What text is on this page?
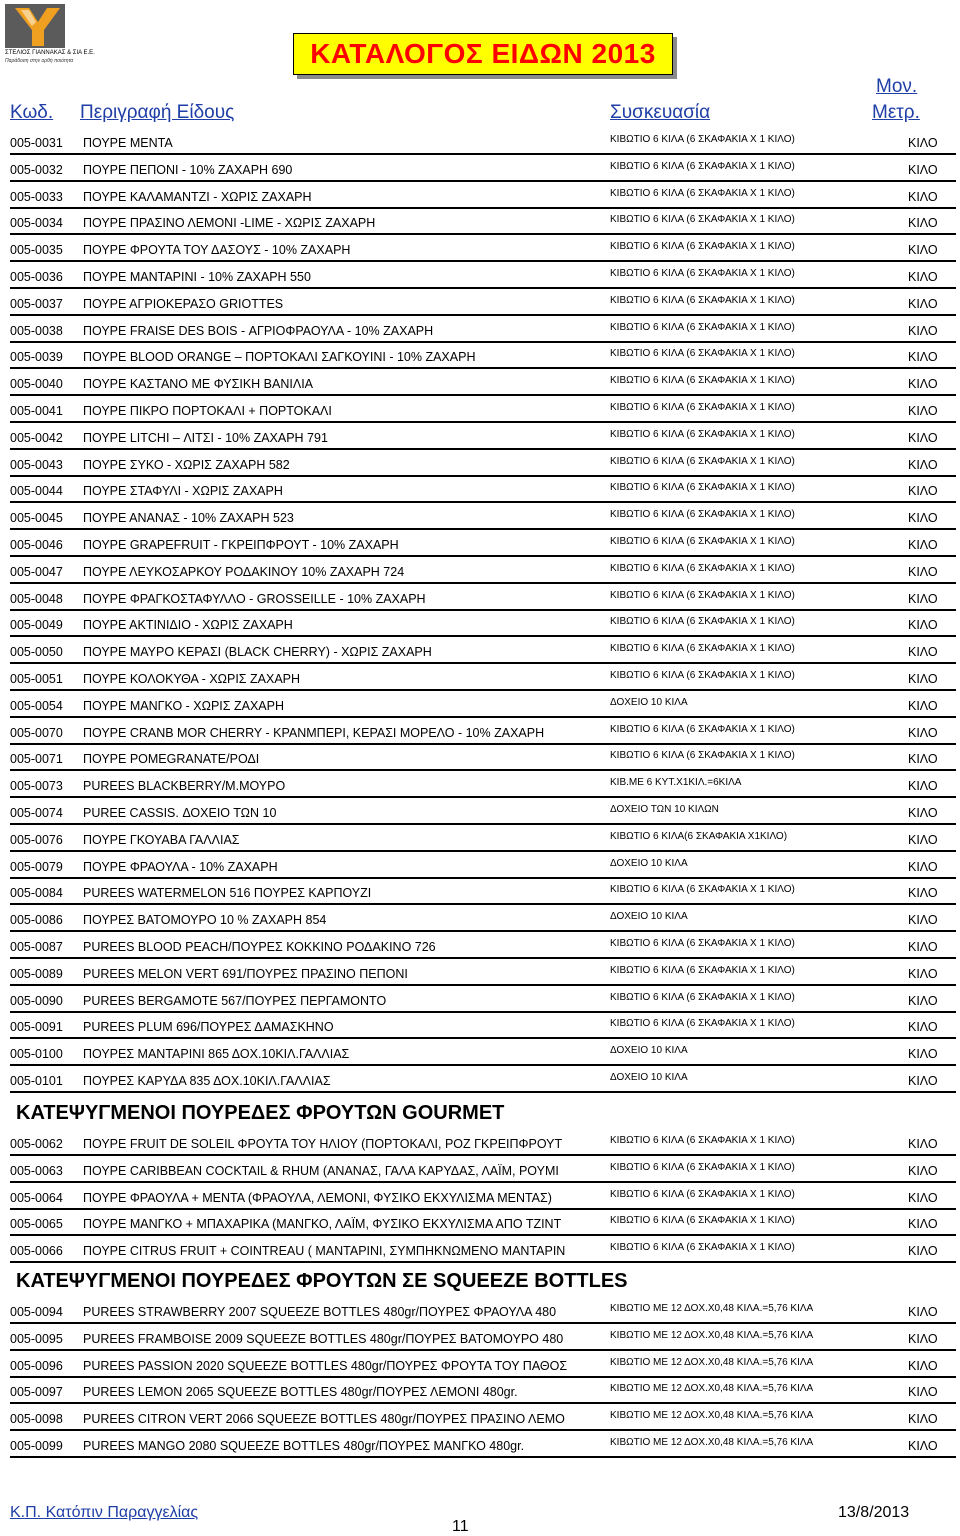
ΣΤΕΛΙΟΣ ΓΙΑΝΝΑΚΑΣ & ΣΙΑ Ε.Ε.
Παράδοση στην ορθή ποιότητα	ΚΑΤΑΛΟΓΟΣ ΕΙΔΩΝ 2013
Κωδ. Περιγραφή Είδους	Συσκευασία
Μον.
Μετρ.
005-0031 ΠΟΥΡΕ ΜΕΝΤΑ	ΚΙΒΩΤΙΟ 6 ΚΙΛΑ (6 ΣΚΑΦΑΚΙΑ Χ 1 ΚΙΛΟ)	ΚΙΛΟ
005-0032 ΠΟΥΡΕ ΠΕΠΟΝΙ - 10% ΖΑΧΑΡΗ 690	ΚΙΒΩΤΙΟ 6 ΚΙΛΑ (6 ΣΚΑΦΑΚΙΑ Χ 1 ΚΙΛΟ)	ΚΙΛΟ
005-0033 ΠΟΥΡΕ ΚΑΛΑΜΑΝΤΖΙ - ΧΩΡΙΣ ΖΑΧΑΡΗ	ΚΙΒΩΤΙΟ 6 ΚΙΛΑ (6 ΣΚΑΦΑΚΙΑ Χ 1 ΚΙΛΟ)	ΚΙΛΟ
005-0034 ΠΟΥΡΕ ΠΡΑΣΙΝΟ ΛΕΜΟΝΙ -LIME - ΧΩΡΙΣ ΖΑΧΑΡΗ	ΚΙΒΩΤΙΟ 6 ΚΙΛΑ (6 ΣΚΑΦΑΚΙΑ Χ 1 ΚΙΛΟ)	ΚΙΛΟ
005-0035 ΠΟΥΡΕ ΦΡΟΥΤΑ ΤΟΥ ΔΑΣΟΥΣ - 10% ΖΑΧΑΡΗ	ΚΙΒΩΤΙΟ 6 ΚΙΛΑ (6 ΣΚΑΦΑΚΙΑ Χ 1 ΚΙΛΟ)	ΚΙΛΟ
005-0036 ΠΟΥΡΕ ΜΑΝΤΑΡΙΝΙ - 10% ΖΑΧΑΡΗ 550	ΚΙΒΩΤΙΟ 6 ΚΙΛΑ (6 ΣΚΑΦΑΚΙΑ Χ 1 ΚΙΛΟ)	ΚΙΛΟ
005-0037 ΠΟΥΡΕ ΑΓΡΙΟΚΕΡΑΣΟ GRIOTTES	ΚΙΒΩΤΙΟ 6 ΚΙΛΑ (6 ΣΚΑΦΑΚΙΑ Χ 1 ΚΙΛΟ)	ΚΙΛΟ
005-0038 ΠΟΥΡΕ FRAISE DES BOIS - ΑΓΡΙΟΦΡΑΟΥΛΑ - 10% ΖΑΧΑΡΗ	ΚΙΒΩΤΙΟ 6 ΚΙΛΑ (6 ΣΚΑΦΑΚΙΑ Χ 1 ΚΙΛΟ)	ΚΙΛΟ
005-0039 ΠΟΥΡΕ BLOOD ORANGE – ΠΟΡΤΟΚΑΛΙ ΣΑΓΚΟΥΙΝΙ - 10% ΖΑΧΑΡΗ	ΚΙΒΩΤΙΟ 6 ΚΙΛΑ (6 ΣΚΑΦΑΚΙΑ Χ 1 ΚΙΛΟ)	ΚΙΛΟ
005-0040 ΠΟΥΡΕ ΚΑΣΤΑΝΟ ΜΕ ΦΥΣΙΚΗ ΒΑΝΙΛΙΑ	ΚΙΒΩΤΙΟ 6 ΚΙΛΑ (6 ΣΚΑΦΑΚΙΑ Χ 1 ΚΙΛΟ)	ΚΙΛΟ
005-0041 ΠΟΥΡΕ ΠΙΚΡΟ ΠΟΡΤΟΚΑΛΙ + ΠΟΡΤΟΚΑΛΙ	ΚΙΒΩΤΙΟ 6 ΚΙΛΑ (6 ΣΚΑΦΑΚΙΑ Χ 1 ΚΙΛΟ)	ΚΙΛΟ
005-0042 ΠΟΥΡΕ LITCHI – ΛΙΤΣΙ - 10% ΖΑΧΑΡΗ 791	ΚΙΒΩΤΙΟ 6 ΚΙΛΑ (6 ΣΚΑΦΑΚΙΑ Χ 1 ΚΙΛΟ)	ΚΙΛΟ
005-0043 ΠΟΥΡΕ ΣΥΚΟ - ΧΩΡΙΣ ΖΑΧΑΡΗ 582	ΚΙΒΩΤΙΟ 6 ΚΙΛΑ (6 ΣΚΑΦΑΚΙΑ Χ 1 ΚΙΛΟ)	ΚΙΛΟ
005-0044 ΠΟΥΡΕ ΣΤΑΦΥΛΙ - ΧΩΡΙΣ ΖΑΧΑΡΗ	ΚΙΒΩΤΙΟ 6 ΚΙΛΑ (6 ΣΚΑΦΑΚΙΑ Χ 1 ΚΙΛΟ)	ΚΙΛΟ
005-0045 ΠΟΥΡΕ ΑΝΑΝΑΣ - 10% ΖΑΧΑΡΗ 523	ΚΙΒΩΤΙΟ 6 ΚΙΛΑ (6 ΣΚΑΦΑΚΙΑ Χ 1 ΚΙΛΟ)	ΚΙΛΟ
005-0046 ΠΟΥΡΕ GRAPEFRUIT - ΓΚΡΕΙΠΦΡΟΥΤ - 10% ΖΑΧΑΡΗ	ΚΙΒΩΤΙΟ 6 ΚΙΛΑ (6 ΣΚΑΦΑΚΙΑ Χ 1 ΚΙΛΟ)	ΚΙΛΟ
005-0047 ΠΟΥΡΕ ΛΕΥΚΟΣΑΡΚΟΥ ΡΟΔΑΚΙΝΟΥ 10% ΖΑΧΑΡΗ 724	ΚΙΒΩΤΙΟ 6 ΚΙΛΑ (6 ΣΚΑΦΑΚΙΑ Χ 1 ΚΙΛΟ)	ΚΙΛΟ
005-0048 ΠΟΥΡΕ ΦΡΑΓΚΟΣΤΑΦΥΛΛΟ - GROSSEILLE - 10% ΖΑΧΑΡΗ	ΚΙΒΩΤΙΟ 6 ΚΙΛΑ (6 ΣΚΑΦΑΚΙΑ Χ 1 ΚΙΛΟ)	ΚΙΛΟ
005-0049 ΠΟΥΡΕ ΑΚΤΙΝΙΔΙΟ - ΧΩΡΙΣ ΖΑΧΑΡΗ	ΚΙΒΩΤΙΟ 6 ΚΙΛΑ (6 ΣΚΑΦΑΚΙΑ Χ 1 ΚΙΛΟ)	ΚΙΛΟ
005-0050 ΠΟΥΡΕ ΜΑΥΡΟ ΚΕΡΑΣΙ (BLACK CHERRY) - ΧΩΡΙΣ ΖΑΧΑΡΗ	ΚΙΒΩΤΙΟ 6 ΚΙΛΑ (6 ΣΚΑΦΑΚΙΑ Χ 1 ΚΙΛΟ)	ΚΙΛΟ
005-0051 ΠΟΥΡΕ ΚΟΛΟΚΥΘΑ - ΧΩΡΙΣ ΖΑΧΑΡΗ	ΚΙΒΩΤΙΟ 6 ΚΙΛΑ (6 ΣΚΑΦΑΚΙΑ Χ 1 ΚΙΛΟ)	ΚΙΛΟ
005-0054 ΠΟΥΡΕ ΜΑΝΓΚΟ - ΧΩΡΙΣ ΖΑΧΑΡΗ	ΔΟΧΕΙΟ 10 ΚΙΛΑ	ΚΙΛΟ
005-0070 ΠΟΥΡΕ CRANB MOR CHERRY - ΚΡΑΝΜΠΕΡΙ, ΚΕΡΑΣΙ ΜΟΡΕΛΟ - 10% ΖΑΧΑΡΗ	ΚΙΒΩΤΙΟ 6 ΚΙΛΑ (6 ΣΚΑΦΑΚΙΑ Χ 1 ΚΙΛΟ)	ΚΙΛΟ
005-0071 ΠΟΥΡΕ POMEGRANATE/ΡΟΔΙ	ΚΙΒΩΤΙΟ 6 ΚΙΛΑ (6 ΣΚΑΦΑΚΙΑ Χ 1 ΚΙΛΟ)	ΚΙΛΟ
005-0073 PUREES BLACKBERRY/Μ.ΜΟΥΡΟ	ΚΙΒ.ΜΕ 6 ΚΥΤ.Χ1ΚΙΛ.=6ΚΙΛΑ	ΚΙΛΟ
005-0074 PUREE CASSIS. ΔΟΧΕΙΟ ΤΩΝ 10	ΔΟΧΕΙΟ ΤΩΝ 10 ΚΙΛΩΝ	ΚΙΛΟ
005-0076 ΠΟΥΡΕ ΓΚΟΥΑΒΑ ΓΑΛΛΙΑΣ	ΚΙΒΩΤΙΟ 6 ΚΙΛΑ(6 ΣΚΑΦΑΚΙΑ Χ1ΚΙΛΟ)	ΚΙΛΟ
005-0079 ΠΟΥΡΕ ΦΡΑΟΥΛΑ - 10% ΖΑΧΑΡΗ	ΔΟΧΕΙΟ 10 ΚΙΛΑ	ΚΙΛΟ
005-0084 PUREES WATERMELON 516 ΠΟΥΡΕΣ ΚΑΡΠΟΥΖΙ	ΚΙΒΩΤΙΟ 6 ΚΙΛΑ (6 ΣΚΑΦΑΚΙΑ Χ 1 ΚΙΛΟ)	ΚΙΛΟ
005-0086 ΠΟΥΡΕΣ ΒΑΤΟΜΟΥΡΟ 10 % ΖΑΧΑΡΗ 854	ΔΟΧΕΙΟ 10 ΚΙΛΑ	ΚΙΛΟ
005-0087 PUREES BLOOD PEACH/ΠΟΥΡΕΣ ΚΟΚΚΙΝΟ ΡΟΔΑΚΙΝΟ 726	ΚΙΒΩΤΙΟ 6 ΚΙΛΑ (6 ΣΚΑΦΑΚΙΑ Χ 1 ΚΙΛΟ)	ΚΙΛΟ
005-0089 PUREES MELON VERT 691/ΠΟΥΡΕΣ ΠΡΑΣΙΝΟ ΠΕΠΟΝΙ	ΚΙΒΩΤΙΟ 6 ΚΙΛΑ (6 ΣΚΑΦΑΚΙΑ Χ 1 ΚΙΛΟ)	ΚΙΛΟ
005-0090 PUREES BERGAMOTE 567/ΠΟΥΡΕΣ ΠΕΡΓΑΜΟΝΤΟ	ΚΙΒΩΤΙΟ 6 ΚΙΛΑ (6 ΣΚΑΦΑΚΙΑ Χ 1 ΚΙΛΟ)	ΚΙΛΟ
005-0091 PUREES PLUM 696/ΠΟΥΡΕΣ ΔΑΜΑΣΚΗΝΟ	ΚΙΒΩΤΙΟ 6 ΚΙΛΑ (6 ΣΚΑΦΑΚΙΑ Χ 1 ΚΙΛΟ)	ΚΙΛΟ
005-0100 ΠΟΥΡΕΣ ΜΑΝΤΑΡΙΝΙ 865 ΔΟΧ.10ΚΙΛ.ΓΑΛΛΙΑΣ	ΔΟΧΕΙΟ 10 ΚΙΛΑ	ΚΙΛΟ
005-0101 ΠΟΥΡΕΣ ΚΑΡΥΔΑ 835 ΔΟΧ.10ΚΙΛ.ΓΑΛΛΙΑΣ	ΔΟΧΕΙΟ 10 ΚΙΛΑ	ΚΙΛΟ
ΚΑΤΕΨΥΓΜΕΝΟΙ ΠΟΥΡΕΔΕΣ ΦΡΟΥΤΩΝ GOURMET
005-0062 ΠΟΥΡΕ FRUIT DE SOLEIL ΦΡΟΥΤΑ ΤΟΥ ΗΛΙΟΥ (ΠΟΡΤΟΚΑΛΙ, ΡΟΖ ΓΚΡΕΙΠΦΡΟΥΤ	ΚΙΒΩΤΙΟ 6 ΚΙΛΑ (6 ΣΚΑΦΑΚΙΑ Χ 1 ΚΙΛΟ)	ΚΙΛΟ
005-0063 ΠΟΥΡΕ CARIBBEAN COCKTAIL & RHUM (ΑΝΑΝΑΣ, ΓΑΛΑ ΚΑΡΥΔΑΣ, ΛΑΪΜ, ΡΟΥΜΙ	ΚΙΒΩΤΙΟ 6 ΚΙΛΑ (6 ΣΚΑΦΑΚΙΑ Χ 1 ΚΙΛΟ)	ΚΙΛΟ
005-0064 ΠΟΥΡΕ ΦΡΑΟΥΛΑ + ΜΕΝΤΑ (ΦΡΑΟΥΛΑ, ΛΕΜΟΝΙ, ΦΥΣΙΚΟ ΕΚΧΥΛΙΣΜΑ ΜΕΝΤΑΣ)	ΚΙΒΩΤΙΟ 6 ΚΙΛΑ (6 ΣΚΑΦΑΚΙΑ Χ 1 ΚΙΛΟ)	ΚΙΛΟ
005-0065 ΠΟΥΡΕ ΜΑΝΓΚΟ + ΜΠΑΧΑΡΙΚΑ (ΜΑΝΓΚΟ, ΛΑΪΜ, ΦΥΣΙΚΟ ΕΚΧΥΛΙΣΜΑ ΑΠΟ ΤΖΙΝΤ	ΚΙΒΩΤΙΟ 6 ΚΙΛΑ (6 ΣΚΑΦΑΚΙΑ Χ 1 ΚΙΛΟ)	ΚΙΛΟ
005-0066 ΠΟΥΡΕ CITRUS FRUIT + COINTREAU ( ΜΑΝΤΑΡΙΝΙ, ΣΥΜΠΗΚΝΩΜΕΝΟ ΜΑΝΤΑΡΙΝ	ΚΙΒΩΤΙΟ 6 ΚΙΛΑ (6 ΣΚΑΦΑΚΙΑ Χ 1 ΚΙΛΟ)	ΚΙΛΟ
ΚΑΤΕΨΥΓΜΕΝΟΙ ΠΟΥΡΕΔΕΣ ΦΡΟΥΤΩΝ ΣΕ SQUEEZE BOTTLES
005-0094 PUREES STRAWBERRY 2007 SQUEEZE BOTTLES 480gr/ΠΟΥΡΕΣ ΦΡΑΟΥΛΑ 480	ΚΙΒΩΤΙΟ ΜΕ 12 ΔΟΧ.Χ0,48 ΚΙΛΑ.=5,76 ΚΙΛΑ	ΚΙΛΟ
005-0095 PUREES FRAMBOISE 2009 SQUEEZE BOTTLES 480gr/ΠΟΥΡΕΣ ΒΑΤΟΜΟΥΡΟ 480	ΚΙΒΩΤΙΟ ΜΕ 12 ΔΟΧ.Χ0,48 ΚΙΛΑ.=5,76 ΚΙΛΑ	ΚΙΛΟ
005-0096 PUREES PASSION 2020 SQUEEZE BOTTLES 480gr/ΠΟΥΡΕΣ ΦΡΟΥΤΑ ΤΟΥ ΠΑΘΟΣ	ΚΙΒΩΤΙΟ ΜΕ 12 ΔΟΧ.Χ0,48 ΚΙΛΑ.=5,76 ΚΙΛΑ	ΚΙΛΟ
005-0097 PUREES LEMON 2065 SQUEEZE BOTTLES 480gr/ΠΟΥΡΕΣ ΛΕΜΟΝΙ 480gr.	ΚΙΒΩΤΙΟ ΜΕ 12 ΔΟΧ.Χ0,48 ΚΙΛΑ.=5,76 ΚΙΛΑ	ΚΙΛΟ
005-0098 PUREES CITRON VERT 2066 SQUEEZE BOTTLES 480gr/ΠΟΥΡΕΣ ΠΡΑΣΙΝΟ ΛΕΜΟ	ΚΙΒΩΤΙΟ ΜΕ 12 ΔΟΧ.Χ0,48 ΚΙΛΑ.=5,76 ΚΙΛΑ	ΚΙΛΟ
005-0099 PUREES MANGO 2080 SQUEEZE BOTTLES 480gr/ΠΟΥΡΕΣ ΜΑΝΓΚΟ 480gr.	ΚΙΒΩΤΙΟ ΜΕ 12 ΔΟΧ.Χ0,48 ΚΙΛΑ.=5,76 ΚΙΛΑ	ΚΙΛΟ
Κ.Π. Κατόπιν Παραγγελίας
11
13/8/2013
